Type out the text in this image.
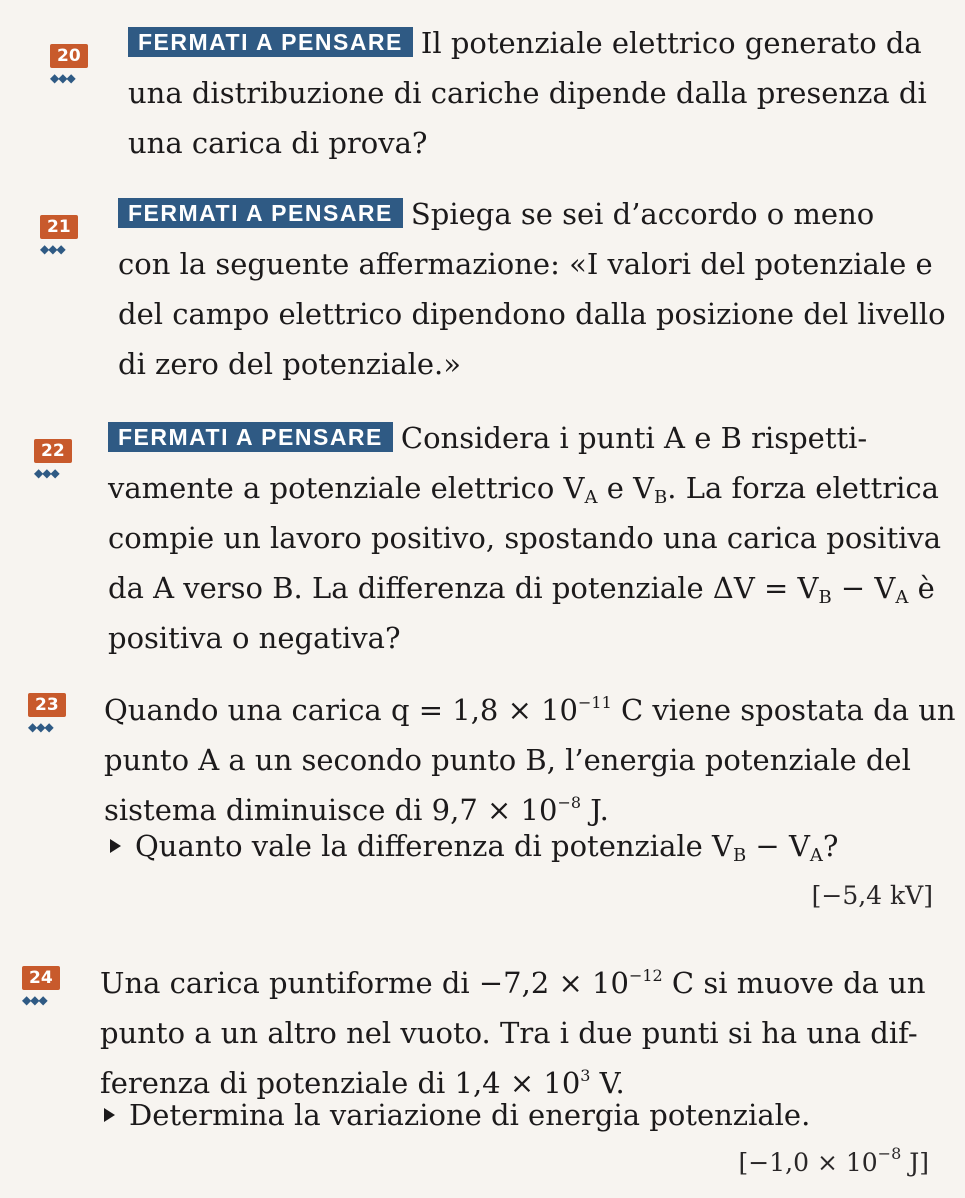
20
◆◆◆
FERMATI A PENSARE Il potenziale elettrico generato da
una distribuzione di cariche dipende dalla presenza di
una carica di prova?
21
◆◆◆
FERMATI A PENSARE Spiega se sei d’accordo o meno
con la seguente affermazione: «I valori del potenziale e
del campo elettrico dipendono dalla posizione del livello
di zero del potenziale.»
22
◆◆◆
FERMATI A PENSARE Considera i punti A e B rispetti-
vamente a potenziale elettrico $V_A$ e $V_B$. La forza elettrica
compie un lavoro positivo, spostando una carica positiva
da A verso B. La differenza di potenziale $\Delta V = V_B - V_A$ è
positiva o negativa?
23
◆◆◆	Quando una carica $q = 1,8 \times 10^{-11}$ C viene spostata da un
punto A a un secondo punto B, l’energia potenziale del
sistema diminuisce di $9,7 \times 10^{-8}$ J.
Quanto vale la differenza di potenziale $V_B - V_A$?
[−5,4 kV]
24
◆◆◆	Una carica puntiforme di $-7,2 \times 10^{-12}$ C si muove da un
punto a un altro nel vuoto. Tra i due punti si ha una dif-
ferenza di potenziale di $1,4 \times 10^3$ V.
Determina la variazione di energia potenziale.
[$-1,0 \times 10^{-8}$ J]
